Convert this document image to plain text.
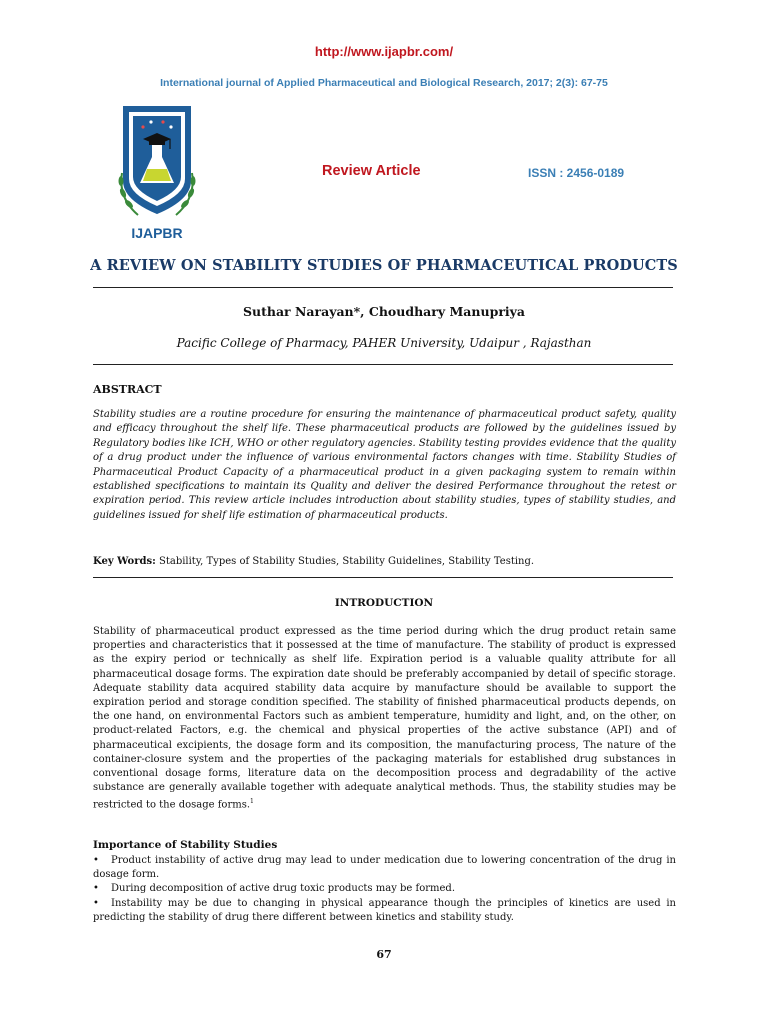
http://www.ijapbr.com/
International journal of Applied Pharmaceutical and Biological Research, 2017; 2(3): 67-75
IJAPBR
Review Article	ISSN : 2456-0189
A REVIEW ON STABILITY STUDIES OF PHARMACEUTICAL PRODUCTS
Suthar Narayan*, Choudhary Manupriya
Pacific College of Pharmacy, PAHER University, Udaipur , Rajasthan
ABSTRACT
Stability studies are a routine procedure for ensuring the maintenance of pharmaceutical product safety, quality and efficacy throughout the shelf life. These pharmaceutical products are followed by the guidelines issued by Regulatory bodies like ICH, WHO or other regulatory agencies. Stability testing provides evidence that the quality of a drug product under the influence of various environmental factors changes with time. Stability Studies of Pharmaceutical Product Capacity of a pharmaceutical product in a given packaging system to remain within established specifications to maintain its Quality and deliver the desired Performance throughout the retest or expiration period. This review article includes introduction about stability studies, types of stability studies, and guidelines issued for shelf life estimation of pharmaceutical products.
Key Words: Stability, Types of Stability Studies, Stability Guidelines, Stability Testing.
INTRODUCTION
Stability of pharmaceutical product expressed as the time period during which the drug product retain same properties and characteristics that it possessed at the time of manufacture. The stability of product is expressed as the expiry period or technically as shelf life. Expiration period is a valuable quality attribute for all pharmaceutical dosage forms. The expiration date should be preferably accompanied by detail of specific storage. Adequate stability data acquired stability data acquire by manufacture should be available to support the expiration period and storage condition specified. The stability of finished pharmaceutical products depends, on the one hand, on environmental Factors such as ambient temperature, humidity and light, and, on the other, on product-related Factors, e.g. the chemical and physical properties of the active substance (API) and of pharmaceutical excipients, the dosage form and its composition, the manufacturing process, The nature of the container-closure system and the properties of the packaging materials for established drug substances in conventional dosage forms, literature data on the decomposition process and degradability of the active substance are generally available together with adequate analytical methods. Thus, the stability studies may be restricted to the dosage forms.$^1$
Importance of Stability Studies

• Product instability of active drug may lead to under medication due to lowering concentration of the drug in dosage form.

• During decomposition of active drug toxic products may be formed.

• Instability may be due to changing in physical appearance though the principles of kinetics are used in predicting the stability of drug there different between kinetics and stability study.

67
